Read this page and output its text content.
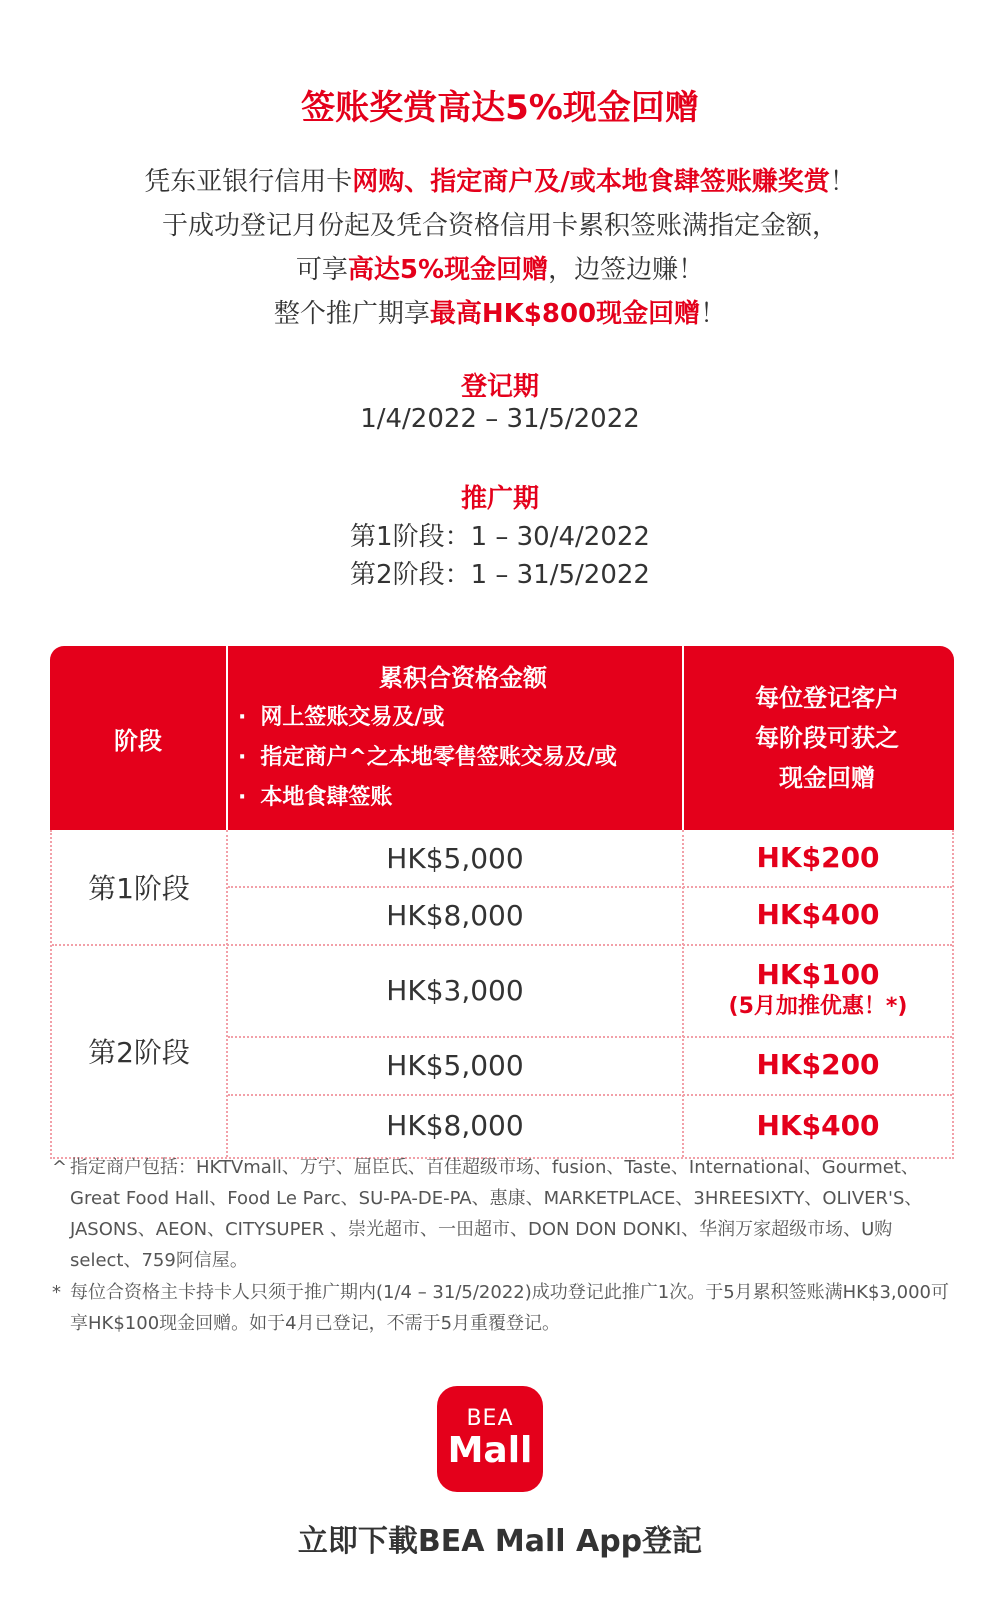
签账奖赏高达5%现金回赠

凭东亚银行信用卡网购、指定商户及/或本地食肆签账赚奖赏！

于成功登记月份起及凭合资格信用卡累积签账满指定金额，

可享高达5%现金回赠，边签边赚！

整个推广期享最高HK$800现金回赠！

登记期
1/4/2022 – 31/5/2022
推广期
第1阶段：1 – 30/4/2022
第2阶段：1 – 31/5/2022
阶段
累积合资格金额
· 网上签账交易及/或
· 指定商户^之本地零售签账交易及/或
· 本地食肆签账
每位登记客户
每阶段可获之
现金回赠
第1阶段
HK$5,000	HK$200
HK$8,000	HK$400
第2阶段
HK$3,000	HK$100
(5月加推优惠！*)
HK$5,000	HK$200
HK$8,000	HK$400
^ 指定商户包括：HKTVmall、万宁、屈臣氏、百佳超级市场、fusion、Taste、International、Gourmet、Great Food Hall、Food Le Parc、SU-PA-DE-PA、惠康、MARKETPLACE、3HREESIXTY、OLIVER'S、JASONS、AEON、CITYSUPER 、崇光超市、一田超市、DON DON DONKI、华润万家超级市场、U购select、759阿信屋。
* 每位合资格主卡持卡人只须于推广期内(1/4 – 31/5/2022)成功登记此推广1次。于5月累积签账满HK$3,000可享HK$100现金回赠。如于4月已登记，不需于5月重覆登记。
BEA
Mall
立即下載BEA Mall App登記
